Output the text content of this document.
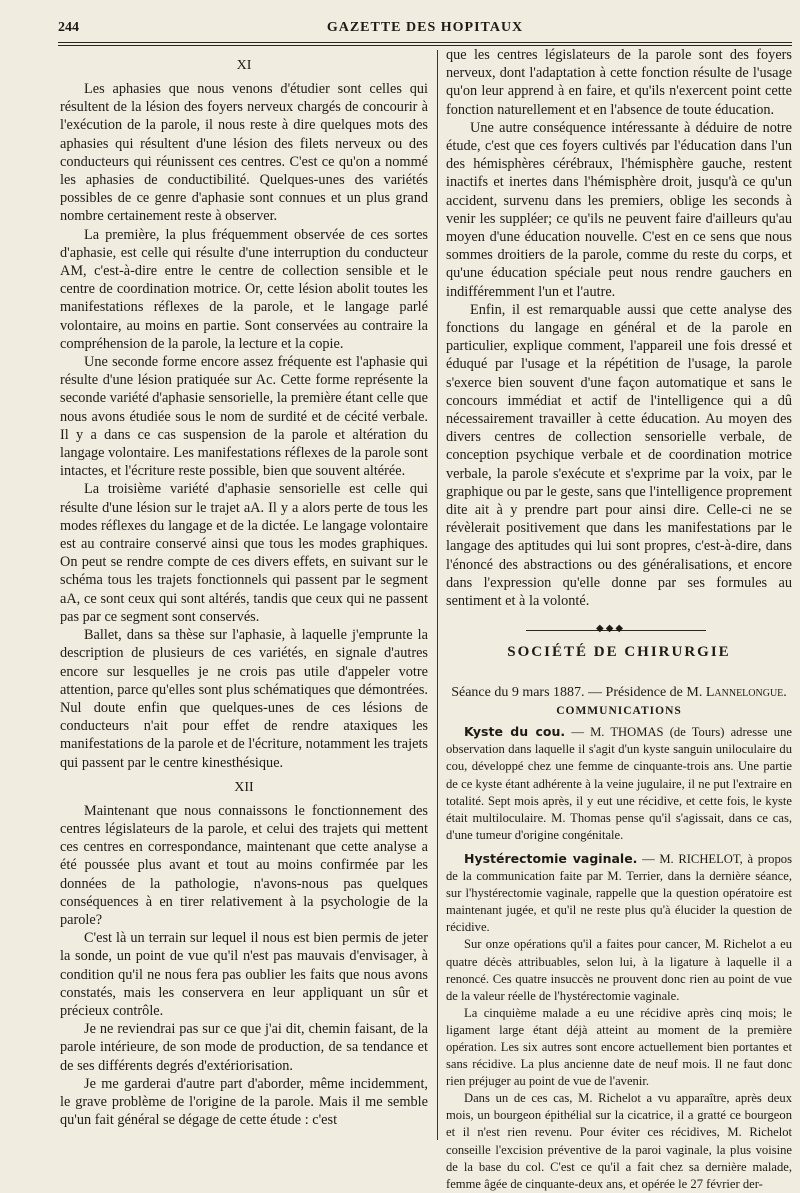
244	GAZETTE DES HOPITAUX
XI

Les aphasies que nous venons d'étudier sont celles qui résultent de la lésion des foyers nerveux chargés de concourir à l'exécution de la parole, il nous reste à dire quelques mots des aphasies qui résultent d'une lésion des filets nerveux ou des conducteurs qui réunissent ces centres. C'est ce qu'on a nommé les aphasies de conductibilité. Quelques-unes des variétés possibles de ce genre d'aphasie sont connues et un plus grand nombre certainement reste à observer.

La première, la plus fréquemment observée de ces sortes d'aphasie, est celle qui résulte d'une interruption du conducteur AM, c'est-à-dire entre le centre de collection sensible et le centre de coordination motrice. Or, cette lésion abolit toutes les manifestations réflexes de la parole, et le langage parlé volontaire, au moins en partie. Sont conservées au contraire la compréhension de la parole, la lecture et la copie.

Une seconde forme encore assez fréquente est l'aphasie qui résulte d'une lésion pratiquée sur Ac. Cette forme représente la seconde variété d'aphasie sensorielle, la première étant celle que nous avons étudiée sous le nom de surdité et de cécité verbale. Il y a dans ce cas suspension de la parole et altération du langage volontaire. Les manifestations réflexes de la parole sont intactes, et l'écriture reste possible, bien que souvent altérée.

La troisième variété d'aphasie sensorielle est celle qui résulte d'une lésion sur le trajet aA. Il y a alors perte de tous les modes réflexes du langage et de la dictée. Le langage volontaire est au contraire conservé ainsi que tous les modes graphiques. On peut se rendre compte de ces divers effets, en suivant sur le schéma tous les trajets fonctionnels qui passent par le segment aA, ce sont ceux qui sont altérés, tandis que ceux qui ne passent pas par ce segment sont conservés.

Ballet, dans sa thèse sur l'aphasie, à laquelle j'emprunte la description de plusieurs de ces variétés, en signale d'autres encore sur lesquelles je ne crois pas utile d'appeler votre attention, parce qu'elles sont plus schématiques que démontrées. Nul doute enfin que quelques-unes de ces lésions de conducteurs n'ait pour effet de rendre ataxiques les manifestations de la parole et de l'écriture, notamment les trajets qui passent par le centre kinesthésique.

XII

Maintenant que nous connaissons le fonctionnement des centres législateurs de la parole, et celui des trajets qui mettent ces centres en correspondance, maintenant que cette analyse a été poussée plus avant et tout au moins confirmée par les données de la pathologie, n'avons-nous pas quelques conséquences à en tirer relativement à la psychologie de la parole?

C'est là un terrain sur lequel il nous est bien permis de jeter la sonde, un point de vue qu'il n'est pas mauvais d'envisager, à condition qu'il ne nous fera pas oublier les faits que nous avons constatés, mais les conservera en leur appliquant un sûr et précieux contrôle.

Je ne reviendrai pas sur ce que j'ai dit, chemin faisant, de la parole intérieure, de son mode de production, de sa tendance et de ses différents degrés d'extériorisation.

Je me garderai d'autre part d'aborder, même incidemment, le grave problème de l'origine de la parole. Mais il me semble qu'un fait général se dégage de cette étude : c'est

que les centres législateurs de la parole sont des foyers nerveux, dont l'adaptation à cette fonction résulte de l'usage qu'on leur apprend à en faire, et qu'ils n'exercent point cette fonction naturellement et en l'absence de toute éducation.

Une autre conséquence intéressante à déduire de notre étude, c'est que ces foyers cultivés par l'éducation dans l'un des hémisphères cérébraux, l'hémisphère gauche, restent inactifs et inertes dans l'hémisphère droit, jusqu'à ce qu'un accident, survenu dans les premiers, oblige les seconds à venir les suppléer; ce qu'ils ne peuvent faire d'ailleurs qu'au moyen d'une éducation nouvelle. C'est en ce sens que nous sommes droitiers de la parole, comme du reste du corps, et qu'une éducation spéciale peut nous rendre gauchers en indifféremment l'un et l'autre.

Enfin, il est remarquable aussi que cette analyse des fonctions du langage en général et de la parole en particulier, explique comment, l'appareil une fois dressé et éduqué par l'usage et la répétition de l'usage, la parole s'exerce bien souvent d'une façon automatique et sans le concours immédiat et actif de l'intelligence qui a dû nécessairement travailler à cette éducation. Au moyen des divers centres de collection sensorielle verbale, de conception psychique verbale et de coordination motrice verbale, la parole s'exécute et s'exprime par la voix, par le graphique ou par le geste, sans que l'intelligence proprement dite ait à y prendre part pour ainsi dire. Celle-ci ne se révèlerait positivement que dans les manifestations par le langage des aptitudes qui lui sont propres, c'est-à-dire, dans l'énoncé des abstractions ou des généralisations, et encore dans l'expression qu'elle donne par ses formules au sentiment et à la volonté.

◆◆◆
SOCIÉTÉ DE CHIRURGIE
Séance du 9 mars 1887. — Présidence de M. Lannelongue.
COMMUNICATIONS

Kyste du cou. — M. THOMAS (de Tours) adresse une observation dans laquelle il s'agit d'un kyste sanguin uniloculaire du cou, développé chez une femme de cinquante-trois ans. Une partie de ce kyste étant adhérente à la veine jugulaire, il ne put l'extraire en totalité. Sept mois après, il y eut une récidive, et cette fois, le kyste était multiloculaire. M. Thomas pense qu'il s'agissait, dans ce cas, d'une tumeur d'origine congénitale.

Hystérectomie vaginale. — M. RICHELOT, à propos de la communication faite par M. Terrier, dans la dernière séance, sur l'hystérectomie vaginale, rappelle que la question opératoire est maintenant jugée, et qu'il ne reste plus qu'à élucider la question de récidive.

Sur onze opérations qu'il a faites pour cancer, M. Richelot a eu quatre décès attribuables, selon lui, à la ligature à laquelle il a renoncé. Ces quatre insuccès ne prouvent donc rien au point de vue de la valeur réelle de l'hystérectomie vaginale.

La cinquième malade a eu une récidive après cinq mois; le ligament large étant déjà atteint au moment de la première opération. Les six autres sont encore actuellement bien portantes et sans récidive. La plus ancienne date de neuf mois. Il ne faut donc rien préjuger au point de vue de l'avenir.

Dans un de ces cas, M. Richelot a vu apparaître, après deux mois, un bourgeon épithélial sur la cicatrice, il a gratté ce bourgeon et il n'est rien revenu. Pour éviter ces récidives, M. Richelot conseille l'excision préventive de la paroi vaginale, la plus voisine de la base du col. C'est ce qu'il a fait chez sa dernière malade, femme âgée de cinquante-deux ans, et opérée le 27 février der-
